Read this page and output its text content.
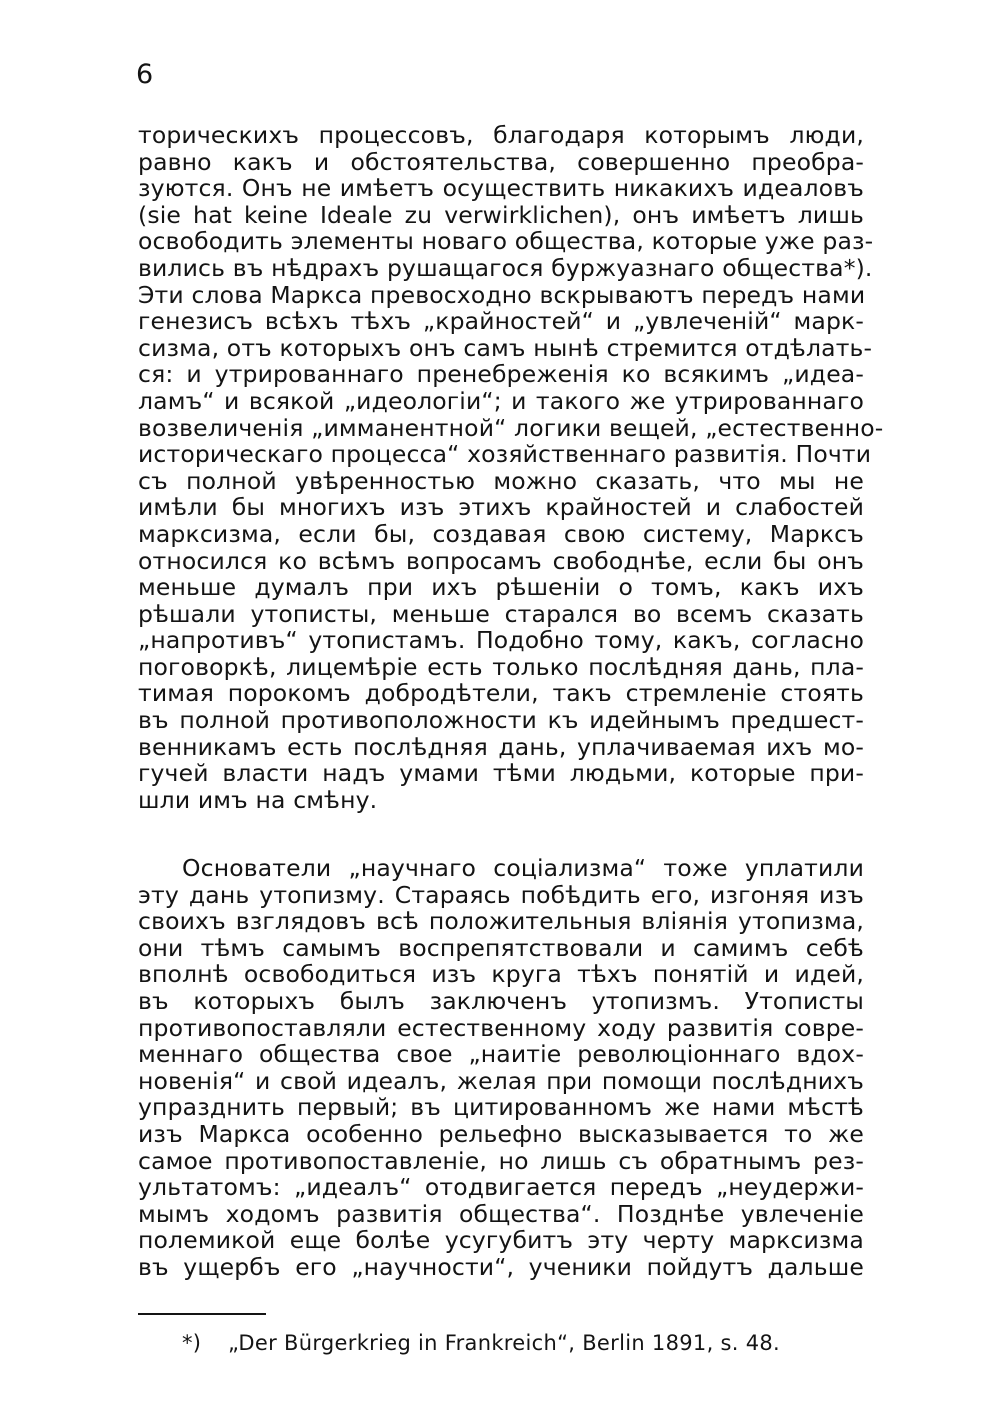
6
торическихъ процессовъ, благодаря которымъ люди,
равно какъ и обстоятельства, совершенно преобра-
зуются. Онъ не имѣетъ осуществить никакихъ идеаловъ
(sie hat keine Ideale zu verwirklichen), онъ имѣетъ лишь
освободить элементы новаго общества, которые уже раз-
вились въ нѣдрахъ рушащагося буржуазнаго общества*).
Эти слова Маркса превосходно вскрываютъ передъ нами
генезисъ всѣхъ тѣхъ „крайностей“ и „увлеченій“ марк-
сизма, отъ которыхъ онъ самъ нынѣ стремится отдѣлать-
ся: и утрированнаго пренебреженія ко всякимъ „идеа-
ламъ“ и всякой „идеологіи“; и такого же утрированнаго
возвеличенія „имманентной“ логики вещей, „естественно-
историческаго процесса“ хозяйственнаго развитія. Почти
съ полной увѣренностью можно сказать, что мы не
имѣли бы многихъ изъ этихъ крайностей и слабостей
марксизма, если бы, создавая свою систему, Марксъ
относился ко всѣмъ вопросамъ свободнѣе, если бы онъ
меньше думалъ при ихъ рѣшеніи о томъ, какъ ихъ
рѣшали утописты, меньше старался во всемъ сказать
„напротивъ“ утопистамъ. Подобно тому, какъ, согласно
поговоркѣ, лицемѣріе есть только послѣдняя дань, пла-
тимая порокомъ добродѣтели, такъ стремленіе стоять
въ полной противоположности къ идейнымъ предшест-
венникамъ есть послѣдняя дань, уплачиваемая ихъ мо-
гучей власти надъ умами тѣми людьми, которые при-
шли имъ на смѣну.
Основатели „научнаго соціализма“ тоже уплатили
эту дань утопизму. Стараясь побѣдить его, изгоняя изъ
своихъ взглядовъ всѣ положительныя вліянія утопизма,
они тѣмъ самымъ воспрепятствовали и самимъ себѣ
вполнѣ освободиться изъ круга тѣхъ понятій и идей,
въ которыхъ былъ заключенъ утопизмъ. Утописты
противопоставляли естественному ходу развитія совре-
меннаго общества свое „наитіе революціоннаго вдох-
новенія“ и свой идеалъ, желая при помощи послѣднихъ
упразднить первый; въ цитированномъ же нами мѣстѣ
изъ Маркса особенно рельефно высказывается то же
самое противопоставленіе, но лишь съ обратнымъ рез-
ультатомъ: „идеалъ“ отодвигается передъ „неудержи-
мымъ ходомъ развитія общества“. Позднѣе увлеченіе
полемикой еще болѣе усугубитъ эту черту марксизма
въ ущербъ его „научности“, ученики пойдутъ дальше
*) „Der Bürgerkrieg in Frankreich“, Berlin 1891, s. 48.
